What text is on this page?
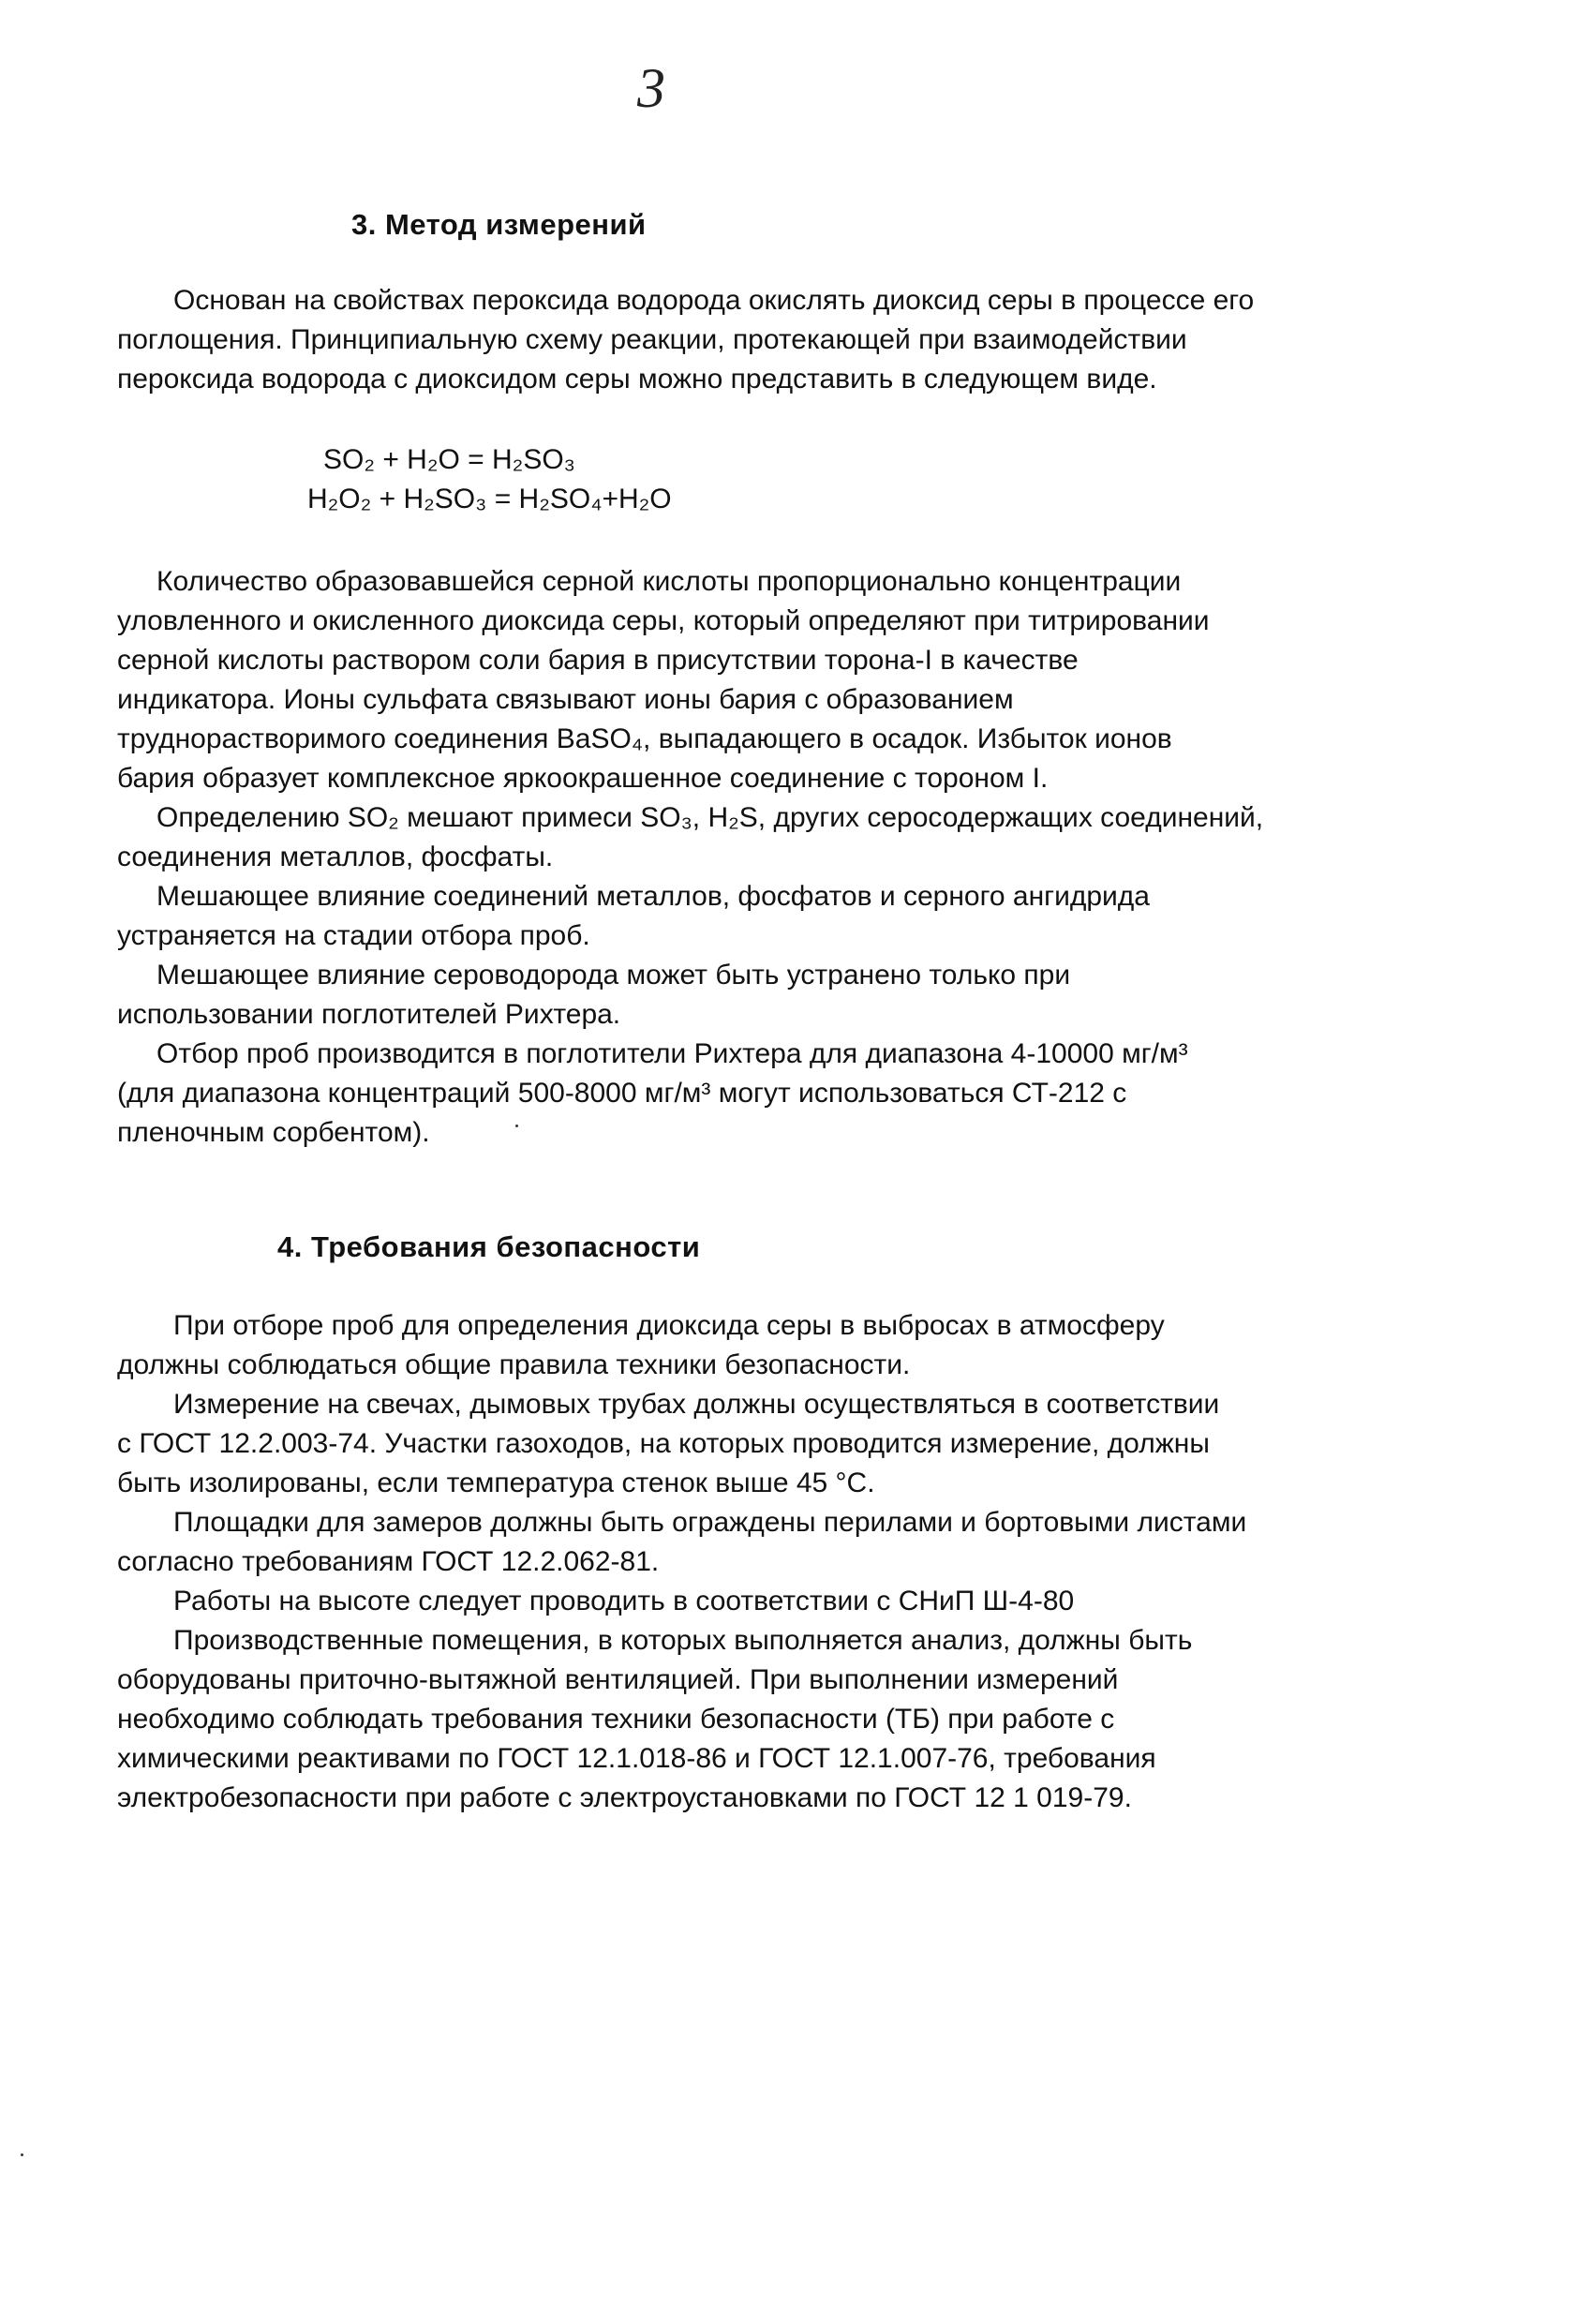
3
3. Метод измерений

Основан на свойствах пероксида водорода окислять диоксид серы в процессе его

поглощения. Принципиальную схему реакции, протекающей при взаимодействии

пероксида водорода с диоксидом серы можно представить в следующем виде.

SO₂ + H₂O = H₂SO₃
H₂O₂ + H₂SO₃ = H₂SO₄+H₂O

Количество образовавшейся серной кислоты пропорционально концентрации

уловленного и окисленного диоксида серы, который определяют при титрировании

серной кислоты раствором соли бария в присутствии торона-I в качестве

индикатора. Ионы сульфата связывают ионы бария с образованием

труднорастворимого соединения BaSO₄, выпадающего в осадок. Избыток ионов

бария образует комплексное яркоокрашенное соединение с тороном I.

Определению SO₂ мешают примеси SO₃, H₂S, других серосодержащих соединений,

соединения металлов, фосфаты.

Мешающее влияние соединений металлов, фосфатов и серного ангидрида

устраняется на стадии отбора проб.

Мешающее влияние сероводорода может быть устранено только при

использовании поглотителей Рихтера.

Отбор проб производится в поглотители Рихтера для диапазона 4-10000 мг/м³

(для диапазона концентраций 500-8000 мг/м³ могут использоваться СТ-212 с

пленочным сорбентом).

4. Требования безопасности

При отборе проб для определения диоксида серы в выбросах в атмосферу

должны соблюдаться общие правила техники безопасности.

Измерение на свечах, дымовых трубах должны осуществляться в соответствии

с ГОСТ 12.2.003-74. Участки газоходов, на которых проводится измерение, должны

быть изолированы, если температура стенок выше 45 °С.

Площадки для замеров должны быть ограждены перилами и бортовыми листами

согласно требованиям ГОСТ 12.2.062-81.

Работы на высоте следует проводить в соответствии с СНиП Ш-4-80

Производственные помещения, в которых выполняется анализ, должны быть

оборудованы приточно-вытяжной вентиляцией. При выполнении измерений

необходимо соблюдать требования техники безопасности (ТБ) при работе с

химическими реактивами по ГОСТ 12.1.018-86 и ГОСТ 12.1.007-76, требования

электробезопасности при работе с электроустановками по ГОСТ 12 1 019-79.
